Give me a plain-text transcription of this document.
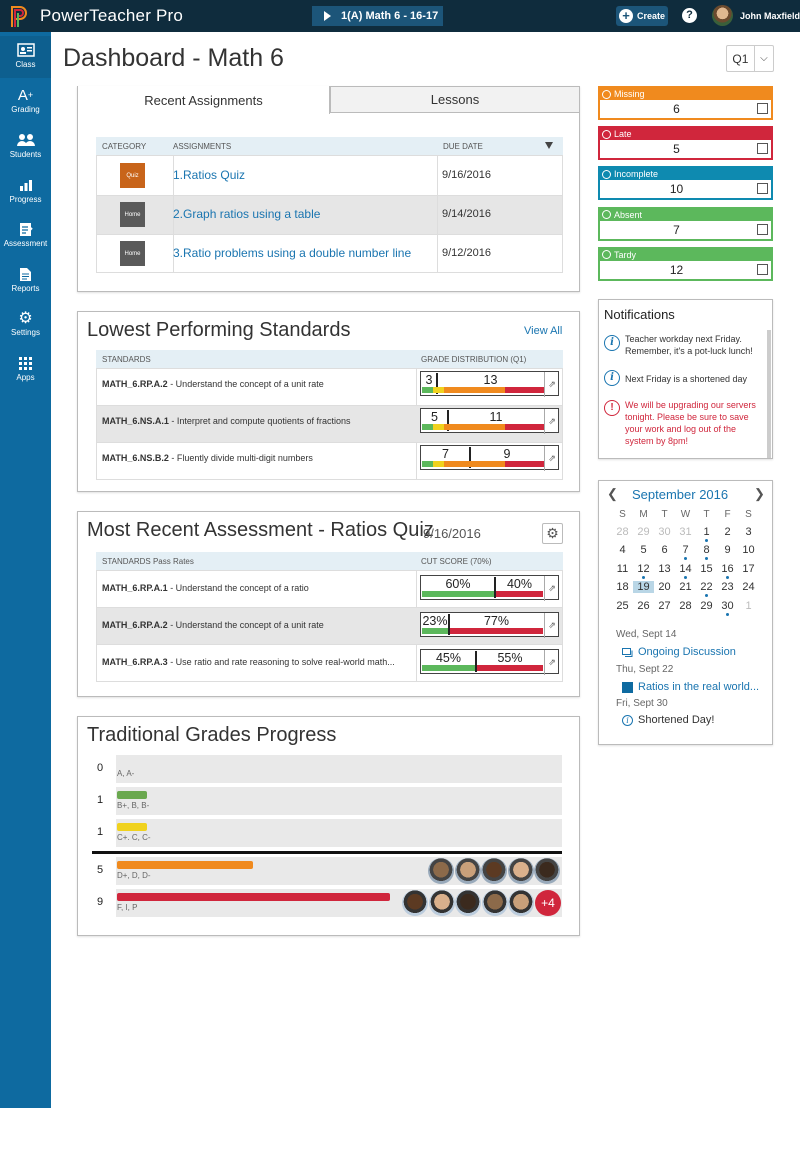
PowerTeacher Pro	1(A) Math 6 - 16-17	+ Create	?	John Maxfield
Class
A +
Grading
Students
Progress
Assessment
Reports
⚙
Settings
Apps
Dashboard - Math 6	Q1	⌵
Recent Assignments	Lessons
CATEGORY	ASSIGNMENTS	DUE DATE
Quiz	1.Ratios Quiz	9/16/2016
Home	2.Graph ratios using a table	9/14/2016
Home	3.Ratio problems using a double number line	9/12/2016
Lowest Performing Standards	View All
STANDARDS	GRADE DISTRIBUTION (Q1)
MATH_6.RP.A.2 - Understand the concept of a unit rate	3	13	⇗
MATH_6.NS.A.1 - Interpret and compute quotients of fractions	5	11	⇗
MATH_6.NS.B.2 - Fluently divide multi-digit numbers	7	9	⇗
Most Recent Assessment - Ratios Quiz
9/16/2016	⚙
STANDARDS Pass Rates	CUT SCORE (70%)
MATH_6.RP.A.1 - Understand the concept of a ratio	60%	40%	⇗
MATH_6.RP.A.2 - Understand the concept of a unit rate	23%	77%	⇗
MATH_6.RP.A.3 - Use ratio and rate reasoning to solve real-world math...	45%	55%	⇗
Traditional Grades Progress
0	A, A-
1	B+, B, B-
1	C+. C, C-
5	D+, D, D-
9	F, I, P	+4
Missing
6
Late
5
Incomplete
10
Absent
7
Tardy
12
Notifications
i	Teacher workday next Friday. Remember, it's a pot-luck lunch!
i	Next Friday is a shortened day
!	We will be upgrading our servers tonight. Please be sure to save your work and log out of the system by 8pm!
❮ September 2016 ❯
S	M	T	W	T	F	S
28 29 30 31	1	2	3
4	5	6	7	8	9	10
11 12 13 14 15 16 17
18 19 20 21 22 23 24
25 26 27 28 29 30	1
Wed, Sept 14
Ongoing Discussion
Thu, Sept 22
Ratios in the real world...
Fri, Sept 30
i Shortened Day!
